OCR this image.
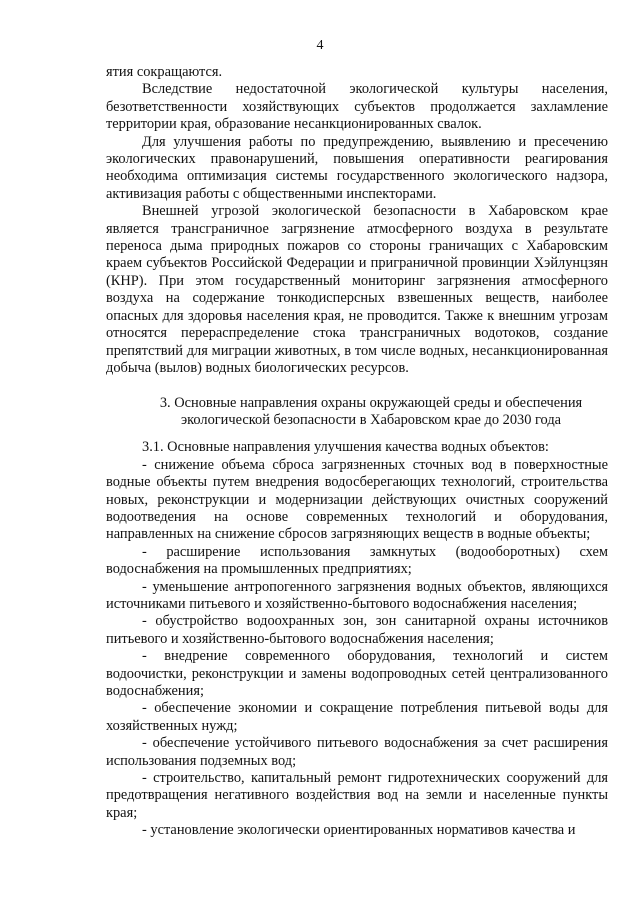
4

ятия сокращаются.

Вследствие недостаточной экологической культуры населения, безответственности хозяйствующих субъектов продолжается захламление территории края, образование несанкционированных свалок.

Для улучшения работы по предупреждению, выявлению и пресечению экологических правонарушений, повышения оперативности реагирования необходима оптимизация системы государственного экологического надзора, активизация работы с общественными инспекторами.

Внешней угрозой экологической безопасности в Хабаровском крае является трансграничное загрязнение атмосферного воздуха в результате переноса дыма природных пожаров со стороны граничащих с Хабаровским краем субъектов Российской Федерации и приграничной провинции Хэйлунцзян (КНР). При этом государственный мониторинг загрязнения атмосферного воздуха на содержание тонкодисперсных взвешенных веществ, наиболее опасных для здоровья населения края, не проводится. Также к внешним угрозам относятся перераспределение стока трансграничных водотоков, создание препятствий для миграции животных, в том числе водных, несанкционированная добыча (вылов) водных биологических ресурсов.

3. Основные направления охраны окружающей среды и обеспечения экологической безопасности в Хабаровском крае до 2030 года

3.1. Основные направления улучшения качества водных объектов:

- снижение объема сброса загрязненных сточных вод в поверхностные водные объекты путем внедрения водосберегающих технологий, строительства новых, реконструкции и модернизации действующих очистных сооружений водоотведения на основе современных технологий и оборудования, направленных на снижение сбросов загрязняющих веществ в водные объекты;

- расширение использования замкнутых (водооборотных) схем водоснабжения на промышленных предприятиях;

- уменьшение антропогенного загрязнения водных объектов, являющихся источниками питьевого и хозяйственно-бытового водоснабжения населения;

- обустройство водоохранных зон, зон санитарной охраны источников питьевого и хозяйственно-бытового водоснабжения населения;

- внедрение современного оборудования, технологий и систем водоочистки, реконструкции и замены водопроводных сетей централизованного водоснабжения;

- обеспечение экономии и сокращение потребления питьевой воды для хозяйственных нужд;

- обеспечение устойчивого питьевого водоснабжения за счет расширения использования подземных вод;

- строительство, капитальный ремонт гидротехнических сооружений для предотвращения негативного воздействия вод на земли и населенные пункты края;

- установление экологически ориентированных нормативов качества и
